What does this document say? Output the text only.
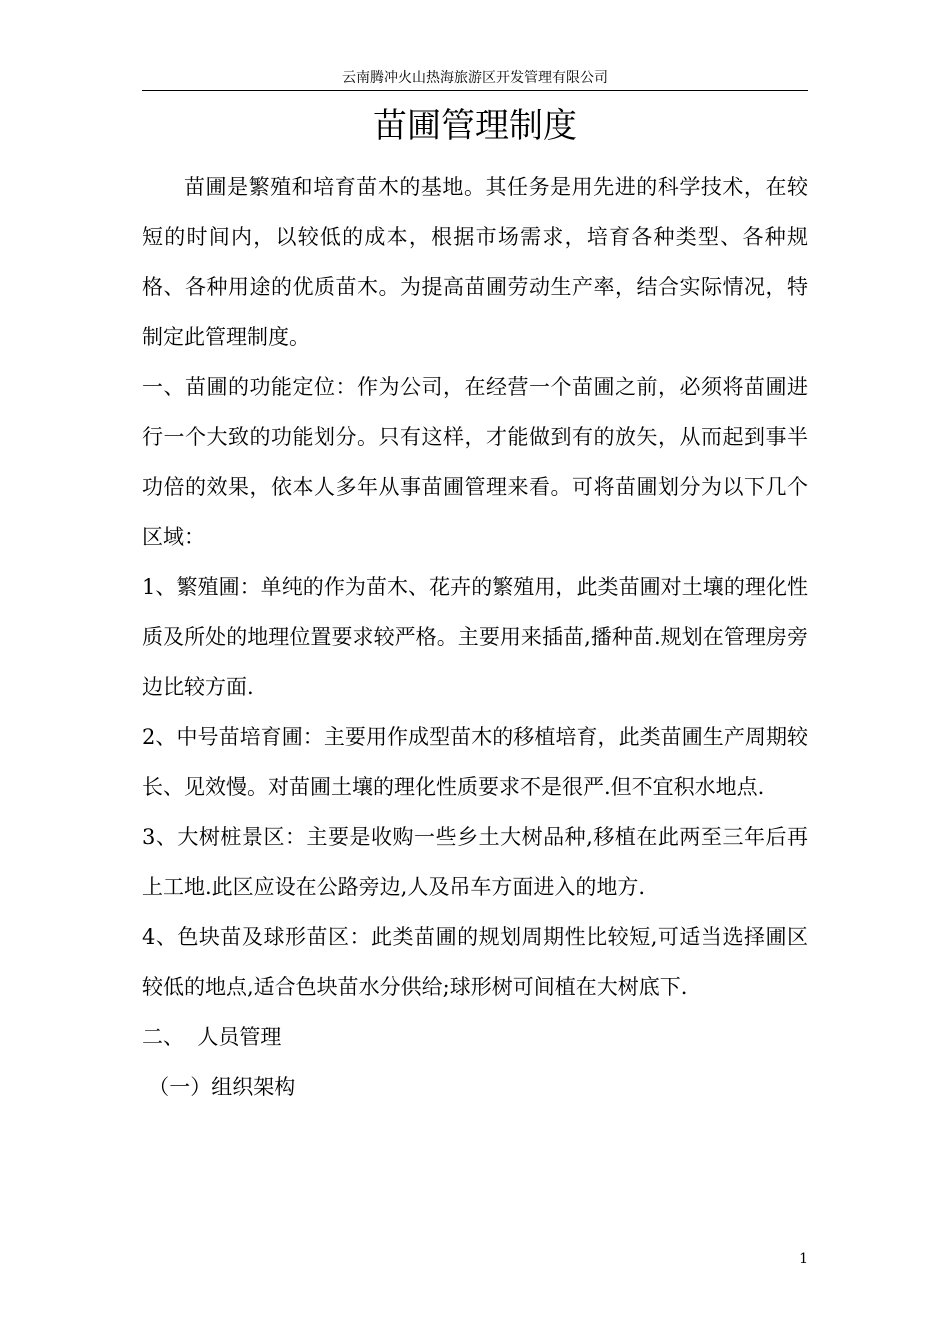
云南腾冲火山热海旅游区开发管理有限公司
苗圃管理制度

苗圃是繁殖和培育苗木的基地。其任务是用先进的科学技术，在较短的时间内，以较低的成本，根据市场需求，培育各种类型、各种规格、各种用途的优质苗木。为提高苗圃劳动生产率，结合实际情况，特制定此管理制度。

一、苗圃的功能定位：作为公司，在经营一个苗圃之前，必须将苗圃进行一个大致的功能划分。只有这样，才能做到有的放矢，从而起到事半功倍的效果，依本人多年从事苗圃管理来看。可将苗圃划分为以下几个区域：

1、繁殖圃：单纯的作为苗木、花卉的繁殖用，此类苗圃对土壤的理化性质及所处的地理位置要求较严格。主要用来插苗,播种苗.规划在管理房旁边比较方面.

2、中号苗培育圃：主要用作成型苗木的移植培育，此类苗圃生产周期较长、见效慢。对苗圃土壤的理化性质要求不是很严.但不宜积水地点.

3、大树桩景区：主要是收购一些乡土大树品种,移植在此两至三年后再上工地.此区应设在公路旁边,人及吊车方面进入的地方.

4、色块苗及球形苗区：此类苗圃的规划周期性比较短,可适当选择圃区较低的地点,适合色块苗水分供给;球形树可间植在大树底下.

二、  人员管理

（一）组织架构

1
